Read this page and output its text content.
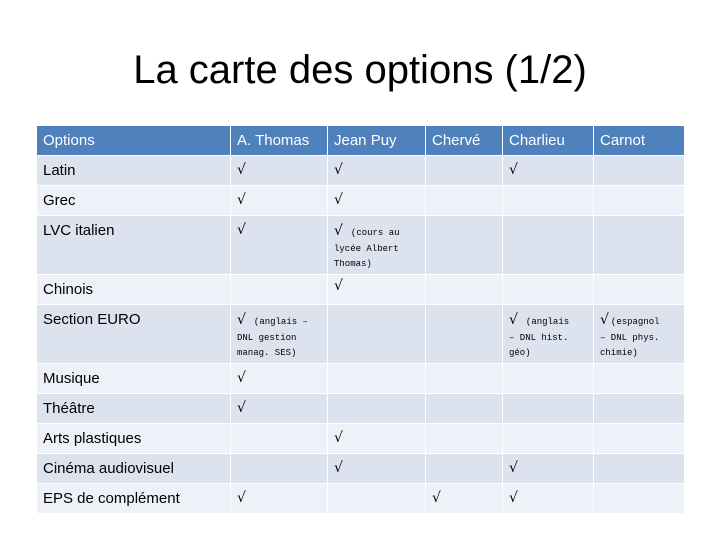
La carte des options (1/2)
Options	A. Thomas	Jean Puy	Chervé	Charlieu	Carnot
Latin	√	√		√	
Grec	√	√			
LVC italien	√	√ (cours au
lycée Albert Thomas)			
Chinois		√			
Section EURO	√ (anglais –
DNL gestion manag. SES)			√ (anglais
– DNL hist. géo)	√ (espagnol
– DNL phys. chimie)
Musique	√				
Théâtre	√				
Arts plastiques		√			
Cinéma audiovisuel		√		√	
EPS de complément	√		√	√	
